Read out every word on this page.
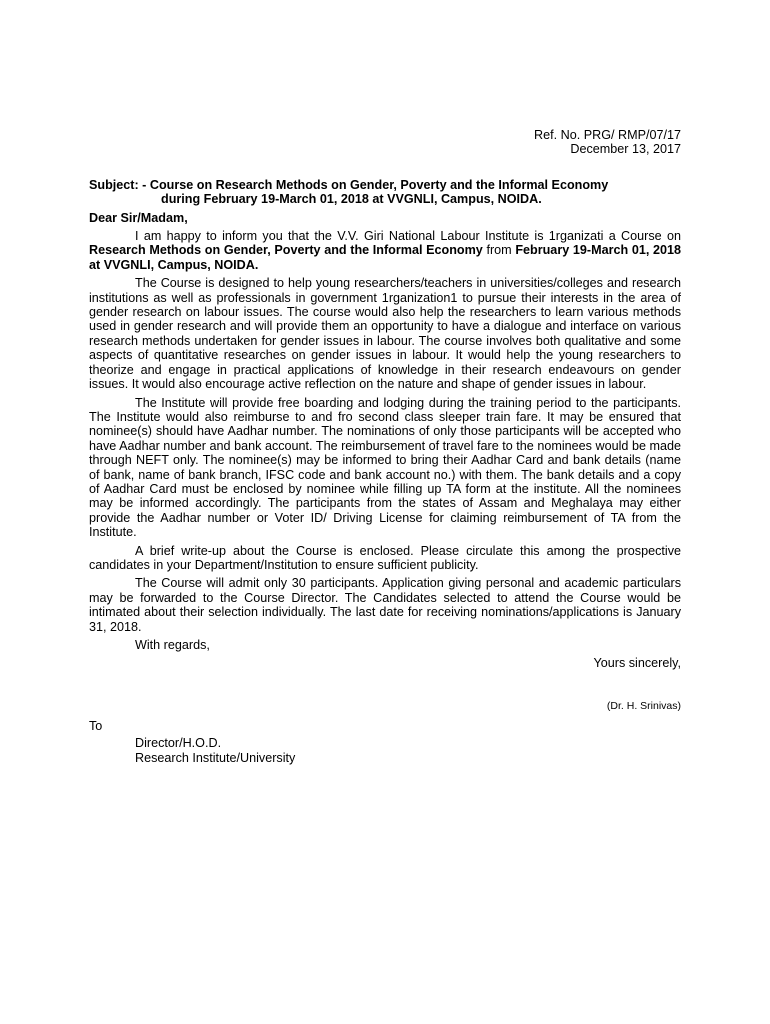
Ref. No. PRG/ RMP/07/17
December 13, 2017
Subject: - Course on Research Methods on Gender, Poverty and the Informal Economy
during February 19-March 01, 2018 at VVGNLI, Campus, NOIDA.
Dear Sir/Madam,
I am happy to inform you that the V.V. Giri National Labour Institute is 1rganizati a Course on Research Methods on Gender, Poverty and the Informal Economy from February 19-March 01, 2018 at VVGNLI, Campus, NOIDA.
The Course is designed to help young researchers/teachers in universities/colleges and research institutions as well as professionals in government 1rganization1 to pursue their interests in the area of gender research on labour issues. The course would also help the researchers to learn various methods used in gender research and will provide them an opportunity to have a dialogue and interface on various research methods undertaken for gender issues in labour. The course involves both qualitative and some aspects of quantitative researches on gender issues in labour. It would help the young researchers to theorize and engage in practical applications of knowledge in their research endeavours on gender issues. It would also encourage active reflection on the nature and shape of gender issues in labour.
The Institute will provide free boarding and lodging during the training period to the participants. The Institute would also reimburse to and fro second class sleeper train fare. It may be ensured that nominee(s) should have Aadhar number. The nominations of only those participants will be accepted who have Aadhar number and bank account. The reimbursement of travel fare to the nominees would be made through NEFT only. The nominee(s) may be informed to bring their Aadhar Card and bank details (name of bank, name of bank branch, IFSC code and bank account no.) with them. The bank details and a copy of Aadhar Card must be enclosed by nominee while filling up TA form at the institute. All the nominees may be informed accordingly. The participants from the states of Assam and Meghalaya may either provide the Aadhar number or Voter ID/ Driving License for claiming reimbursement of TA from the Institute.
A brief write-up about the Course is enclosed. Please circulate this among the prospective candidates in your Department/Institution to ensure sufficient publicity.
The Course will admit only 30 participants. Application giving personal and academic particulars may be forwarded to the Course Director. The Candidates selected to attend the Course would be intimated about their selection individually. The last date for receiving nominations/applications is January 31, 2018.
With regards,
Yours sincerely,
(Dr. H. Srinivas)
To
Director/H.O.D.
Research Institute/University
